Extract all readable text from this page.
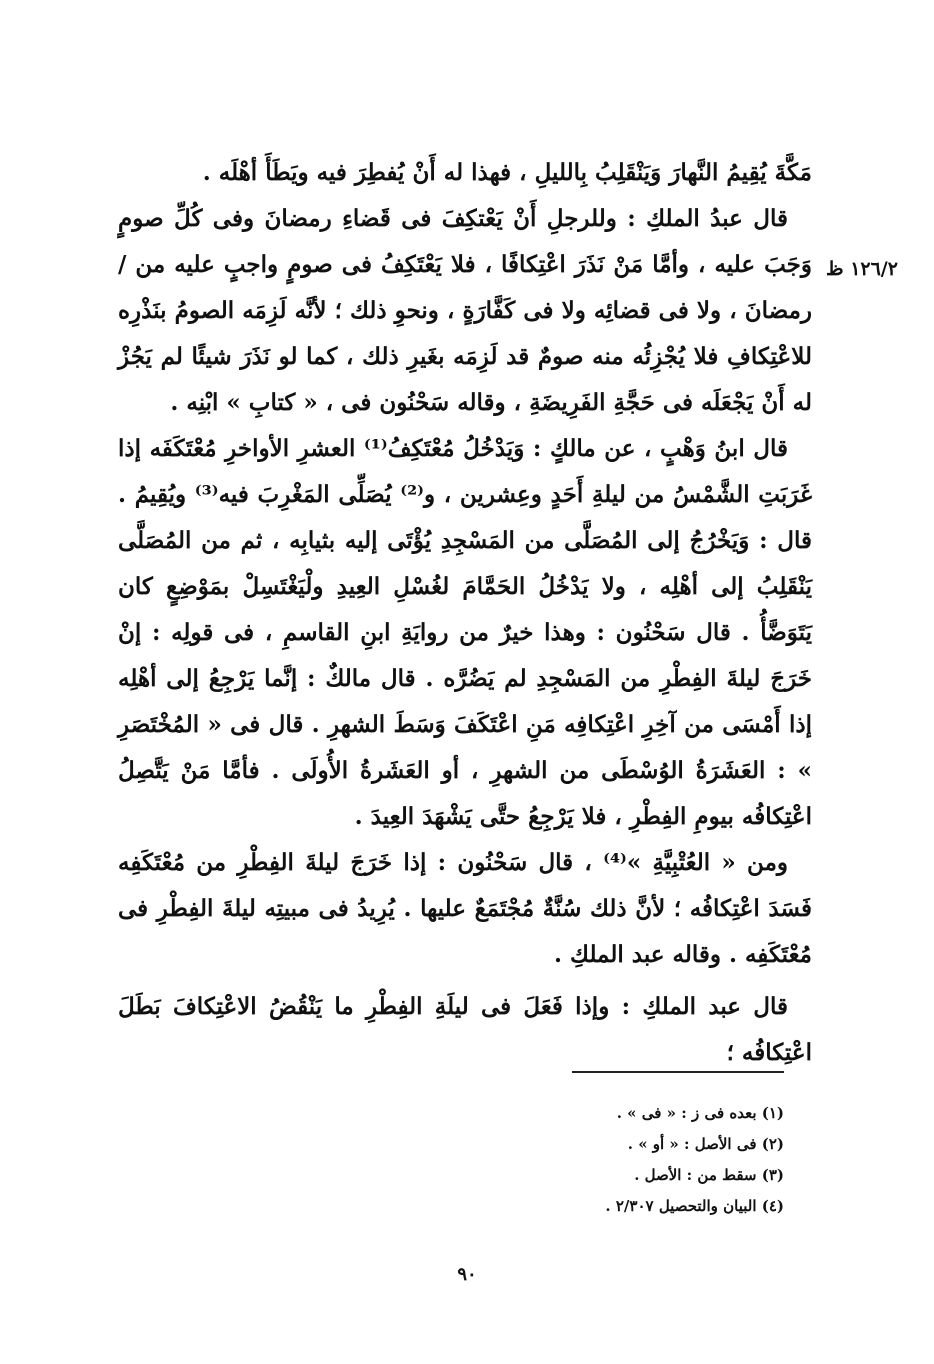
١٢٦/٢ ظ

مَكَّةَ يُقِيمُ النَّهارَ وَيَنْقَلِبُ بِالليلِ ، فهذا له أَنْ يُفطِرَ فيه ويَطَأَ أهْلَه .

قال عبدُ الملكِ : وللرجلِ أَنْ يَعْتكِفَ فى قَضاءِ رمضانَ وفى كُلِّ صومٍ وَجَبَ عليه ، وأمَّا مَنْ نَذَرَ اعْتِكافًا ، فلا يَعْتَكِفُ فى صومٍ واجبٍ عليه من / رمضانَ ، ولا فى قضائِه ولا فى كَفَّارَةٍ ، ونحوِ ذلك ؛ لأنَّه لَزِمَه الصومُ بنَذْرِه للاعْتِكافِ فلا يُجْزِئُه منه صومٌ قد لَزِمَه بغَيرِ ذلك ، كما لو نَذَرَ شيئًا لم يَجُزْ له أَنْ يَجْعَلَه فى حَجَّةِ الفَرِيضَةِ ، وقاله سَحْنُون فى ، « كتابِ » ابْنِه .

قال ابنُ وَهْبٍ ، عن مالكٍ : وَيَدْخُلُ مُعْتَكِفُ⁽¹⁾ العشرِ الأواخرِ مُعْتَكَفَه إذا غَرَبَتِ الشَّمْسُ من ليلةِ أَحَدٍ وعِشرين ، و⁽²⁾ يُصَلِّى المَغْرِبَ فيه⁽³⁾ ويُقِيمُ . قال : وَيَخْرُجُ إلى المُصَلَّى من المَسْجِدِ يُؤْتَى إليه بثيابِه ، ثم من المُصَلَّى يَنْقَلِبُ إلى أهْلِه ، ولا يَدْخُلُ الحَمَّامَ لغُسْلِ العِيدِ ولْيَغْتَسِلْ بمَوْضِعٍ كان يَتَوَضَّأُ . قال سَحْنُون : وهذا خيرٌ من روايَةِ ابنِ القاسمِ ، فى قولِه : إنْ خَرَجَ ليلةَ الفِطْرِ من المَسْجِدِ لم يَضُرَّه . قال مالكٌ : إنَّما يَرْجِعُ إلى أهْلِه إذا أَمْسَى من آخِرِ اعْتِكافِه مَنِ اعْتَكَفَ وَسَطَ الشهرِ . قال فى « المُخْتَصَرِ » : العَشَرَةُ الوُسْطَى من الشهرِ ، أو العَشَرةُ الأُولَى . فأمَّا مَنْ يَتَّصِلُ اعْتِكافُه بيومِ الفِطْرِ ، فلا يَرْجِعُ حتَّى يَشْهَدَ العِيدَ .

ومن « العُتْبِيَّةِ »⁽⁴⁾ ، قال سَحْنُون : إذا خَرَجَ ليلةَ الفِطْرِ من مُعْتَكَفِه فَسَدَ اعْتِكافُه ؛ لأنَّ ذلك سُنَّةٌ مُجْتَمَعٌ عليها . يُرِيدُ فى مبيتِه ليلةَ الفِطْرِ فى مُعْتَكَفِه . وقاله عبد الملكِ .

قال عبد الملكِ : وإذا فَعَلَ فى ليلَةِ الفِطْرِ ما يَنْقُضُ الاعْتِكافَ بَطَلَ اعْتِكافُه ؛

(١) بعده فى ز : « فى » .
(٢) فى الأصل : « أو » .
(٣) سقط من : الأصل .
(٤) البيان والتحصيل ٢/٣٠٧ .
٩٠
